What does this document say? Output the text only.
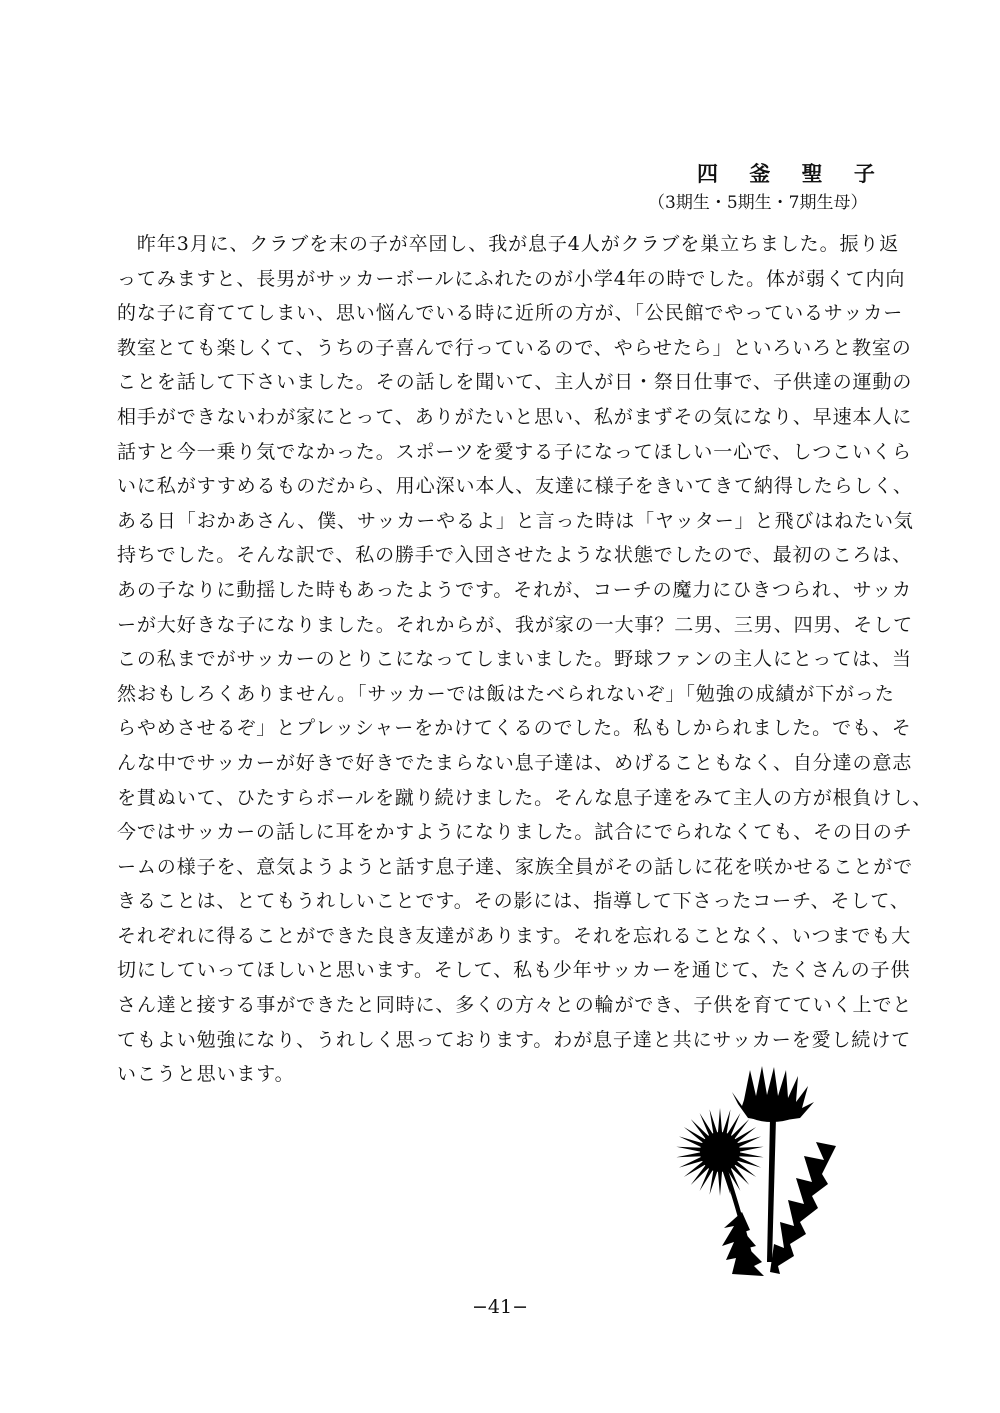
四 釜 聖 子
（3期生・5期生・7期生母）
　昨年3月に、クラブを末の子が卒団し、我が息子4人がクラブを巣立ちました。振り返
ってみますと、長男がサッカーボールにふれたのが小学4年の時でした。体が弱くて内向
的な子に育ててしまい、思い悩んでいる時に近所の方が、「公民館でやっているサッカー
教室とても楽しくて、うちの子喜んで行っているので、やらせたら」といろいろと教室の
ことを話して下さいました。その話しを聞いて、主人が日・祭日仕事で、子供達の運動の
相手ができないわが家にとって、ありがたいと思い、私がまずその気になり、早速本人に
話すと今一乗り気でなかった。スポーツを愛する子になってほしい一心で、しつこいくら
いに私がすすめるものだから、用心深い本人、友達に様子をきいてきて納得したらしく、
ある日「おかあさん、僕、サッカーやるよ」と言った時は「ヤッター」と飛びはねたい気
持ちでした。そんな訳で、私の勝手で入団させたような状態でしたので、最初のころは、
あの子なりに動揺した時もあったようです。それが、コーチの魔力にひきつられ、サッカ
ーが大好きな子になりました。それからが、我が家の一大事？二男、三男、四男、そして
この私までがサッカーのとりこになってしまいました。野球ファンの主人にとっては、当
然おもしろくありません。「サッカーでは飯はたべられないぞ」「勉強の成績が下がった
らやめさせるぞ」とプレッシャーをかけてくるのでした。私もしかられました。でも、そ
んな中でサッカーが好きで好きでたまらない息子達は、めげることもなく、自分達の意志
を貫ぬいて、ひたすらボールを蹴り続けました。そんな息子達をみて主人の方が根負けし、
今ではサッカーの話しに耳をかすようになりました。試合にでられなくても、その日のチ
ームの様子を、意気ようようと話す息子達、家族全員がその話しに花を咲かせることがで
きることは、とてもうれしいことです。その影には、指導して下さったコーチ、そして、
それぞれに得ることができた良き友達があります。それを忘れることなく、いつまでも大
切にしていってほしいと思います。そして、私も少年サッカーを通じて、たくさんの子供
さん達と接する事ができたと同時に、多くの方々との輪ができ、子供を育てていく上でと
てもよい勉強になり、うれしく思っております。わが息子達と共にサッカーを愛し続けて
いこうと思います。
−41−
